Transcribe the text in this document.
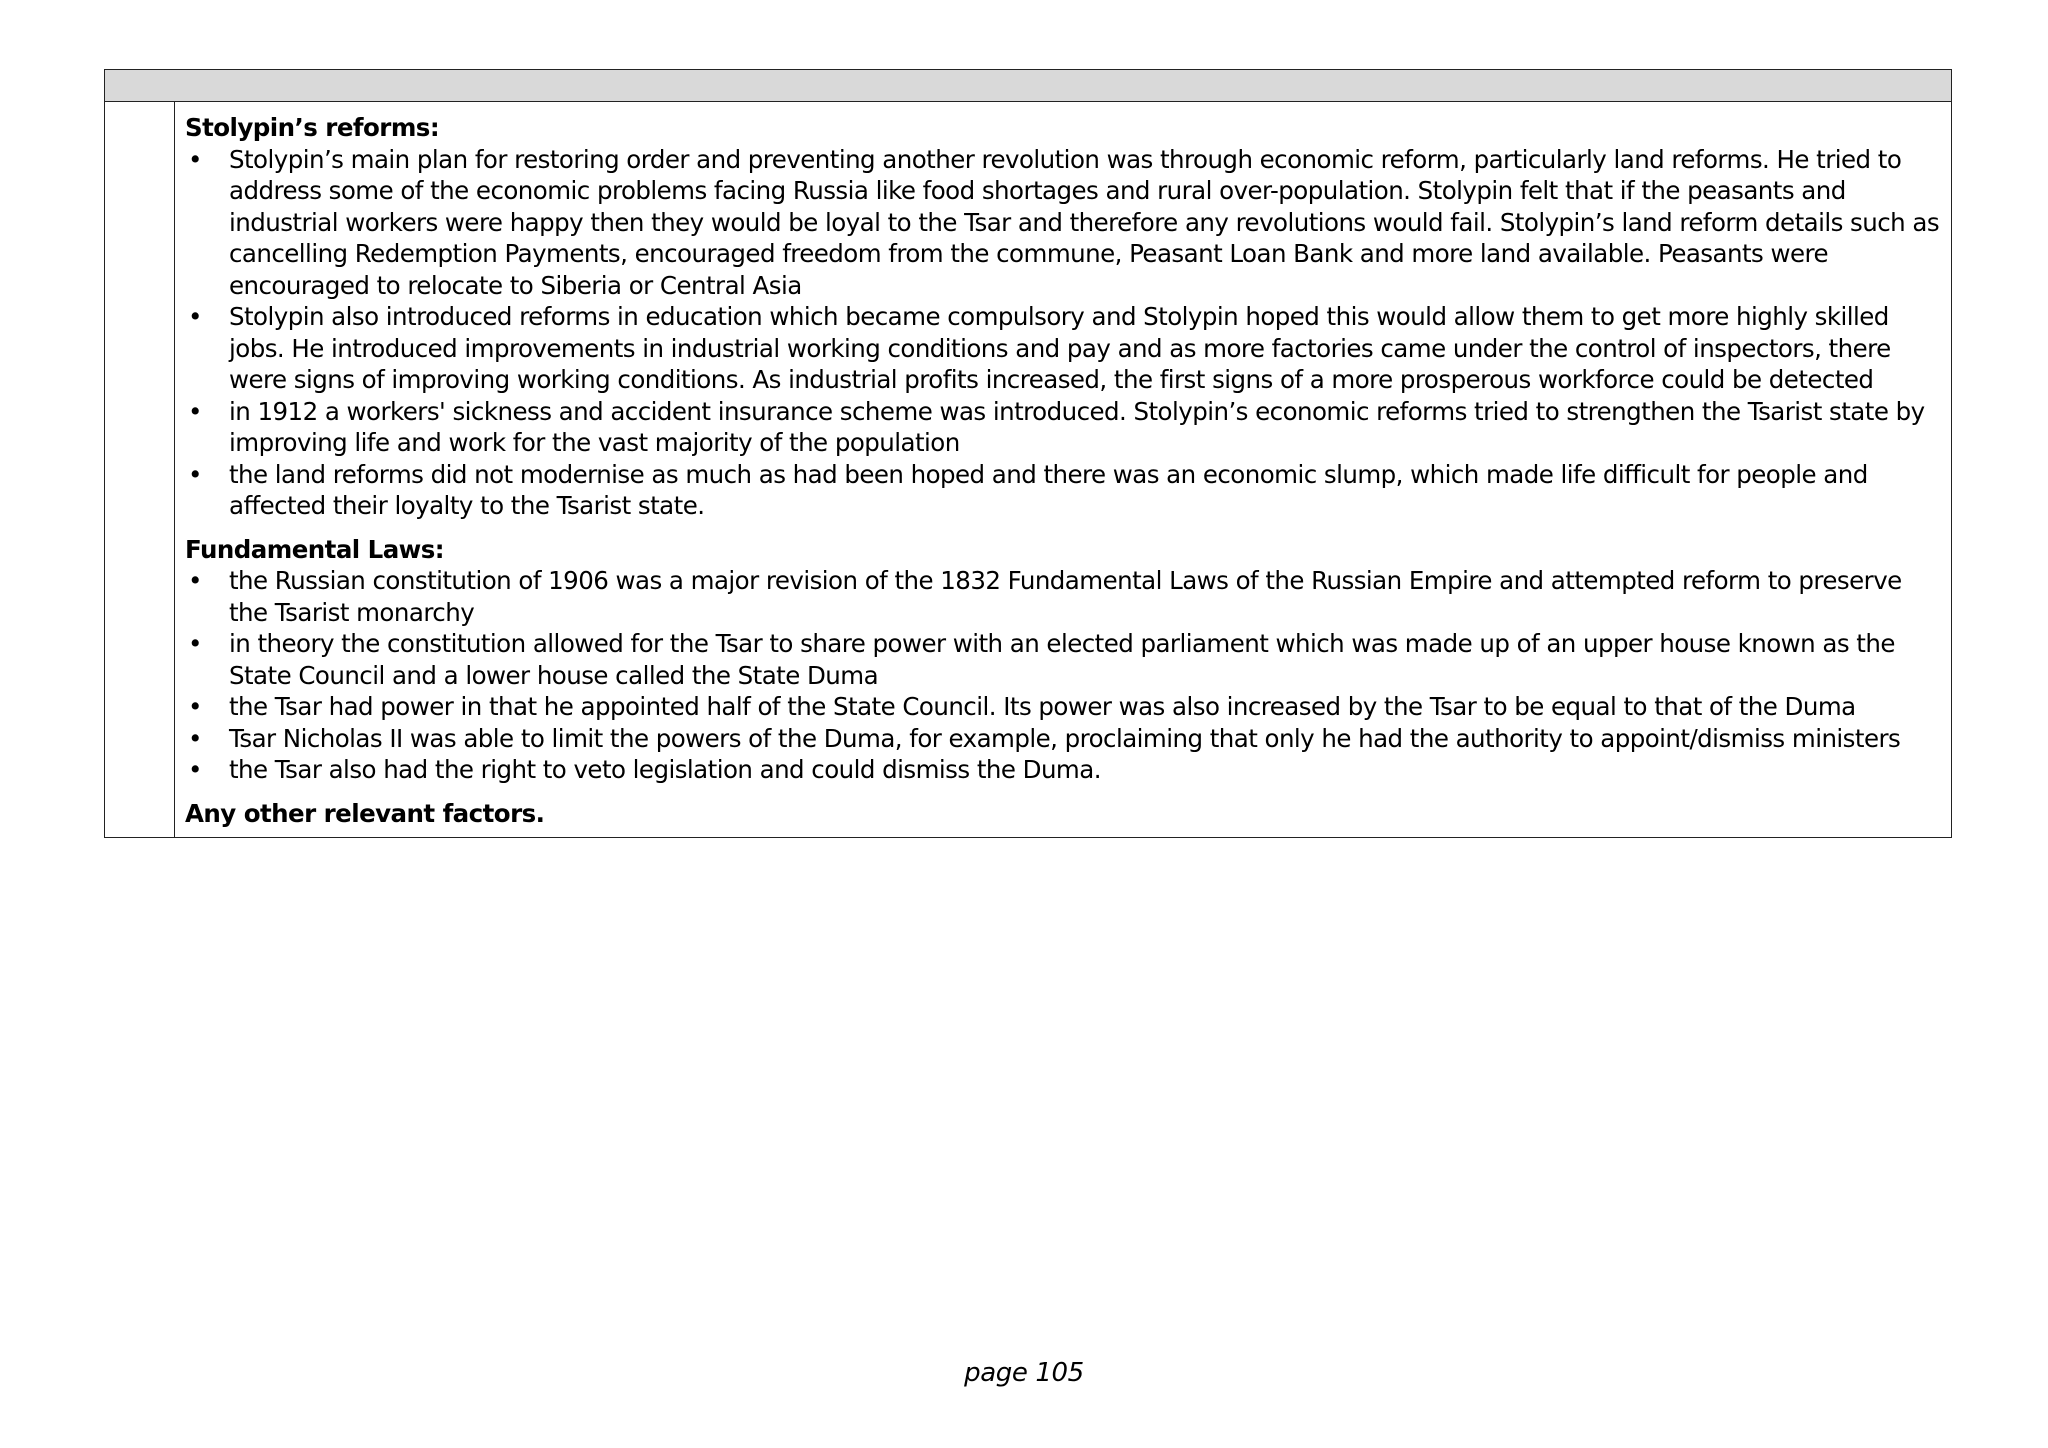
Stolypin’s reforms:

• Stolypin’s main plan for restoring order and preventing another revolution was through economic reform, particularly land reforms. He tried to address some of the economic problems facing Russia like food shortages and rural over-population. Stolypin felt that if the peasants and industrial workers were happy then they would be loyal to the Tsar and therefore any revolutions would fail. Stolypin’s land reform details such as cancelling Redemption Payments, encouraged freedom from the commune, Peasant Loan Bank and more land available. Peasants were encouraged to relocate to Siberia or Central Asia
• Stolypin also introduced reforms in education which became compulsory and Stolypin hoped this would allow them to get more highly skilled jobs. He introduced improvements in industrial working conditions and pay and as more factories came under the control of inspectors, there were signs of improving working conditions. As industrial profits increased, the first signs of a more prosperous workforce could be detected
• in 1912 a workers' sickness and accident insurance scheme was introduced. Stolypin’s economic reforms tried to strengthen the Tsarist state by improving life and work for the vast majority of the population
• the land reforms did not modernise as much as had been hoped and there was an economic slump, which made life difficult for people and affected their loyalty to the Tsarist state.

Fundamental Laws:

• the Russian constitution of 1906 was a major revision of the 1832 Fundamental Laws of the Russian Empire and attempted reform to preserve the Tsarist monarchy
• in theory the constitution allowed for the Tsar to share power with an elected parliament which was made up of an upper house known as the State Council and a lower house called the State Duma
• the Tsar had power in that he appointed half of the State Council. Its power was also increased by the Tsar to be equal to that of the Duma
• Tsar Nicholas II was able to limit the powers of the Duma, for example, proclaiming that only he had the authority to appoint/dismiss ministers
• the Tsar also had the right to veto legislation and could dismiss the Duma.

Any other relevant factors.

page 105
